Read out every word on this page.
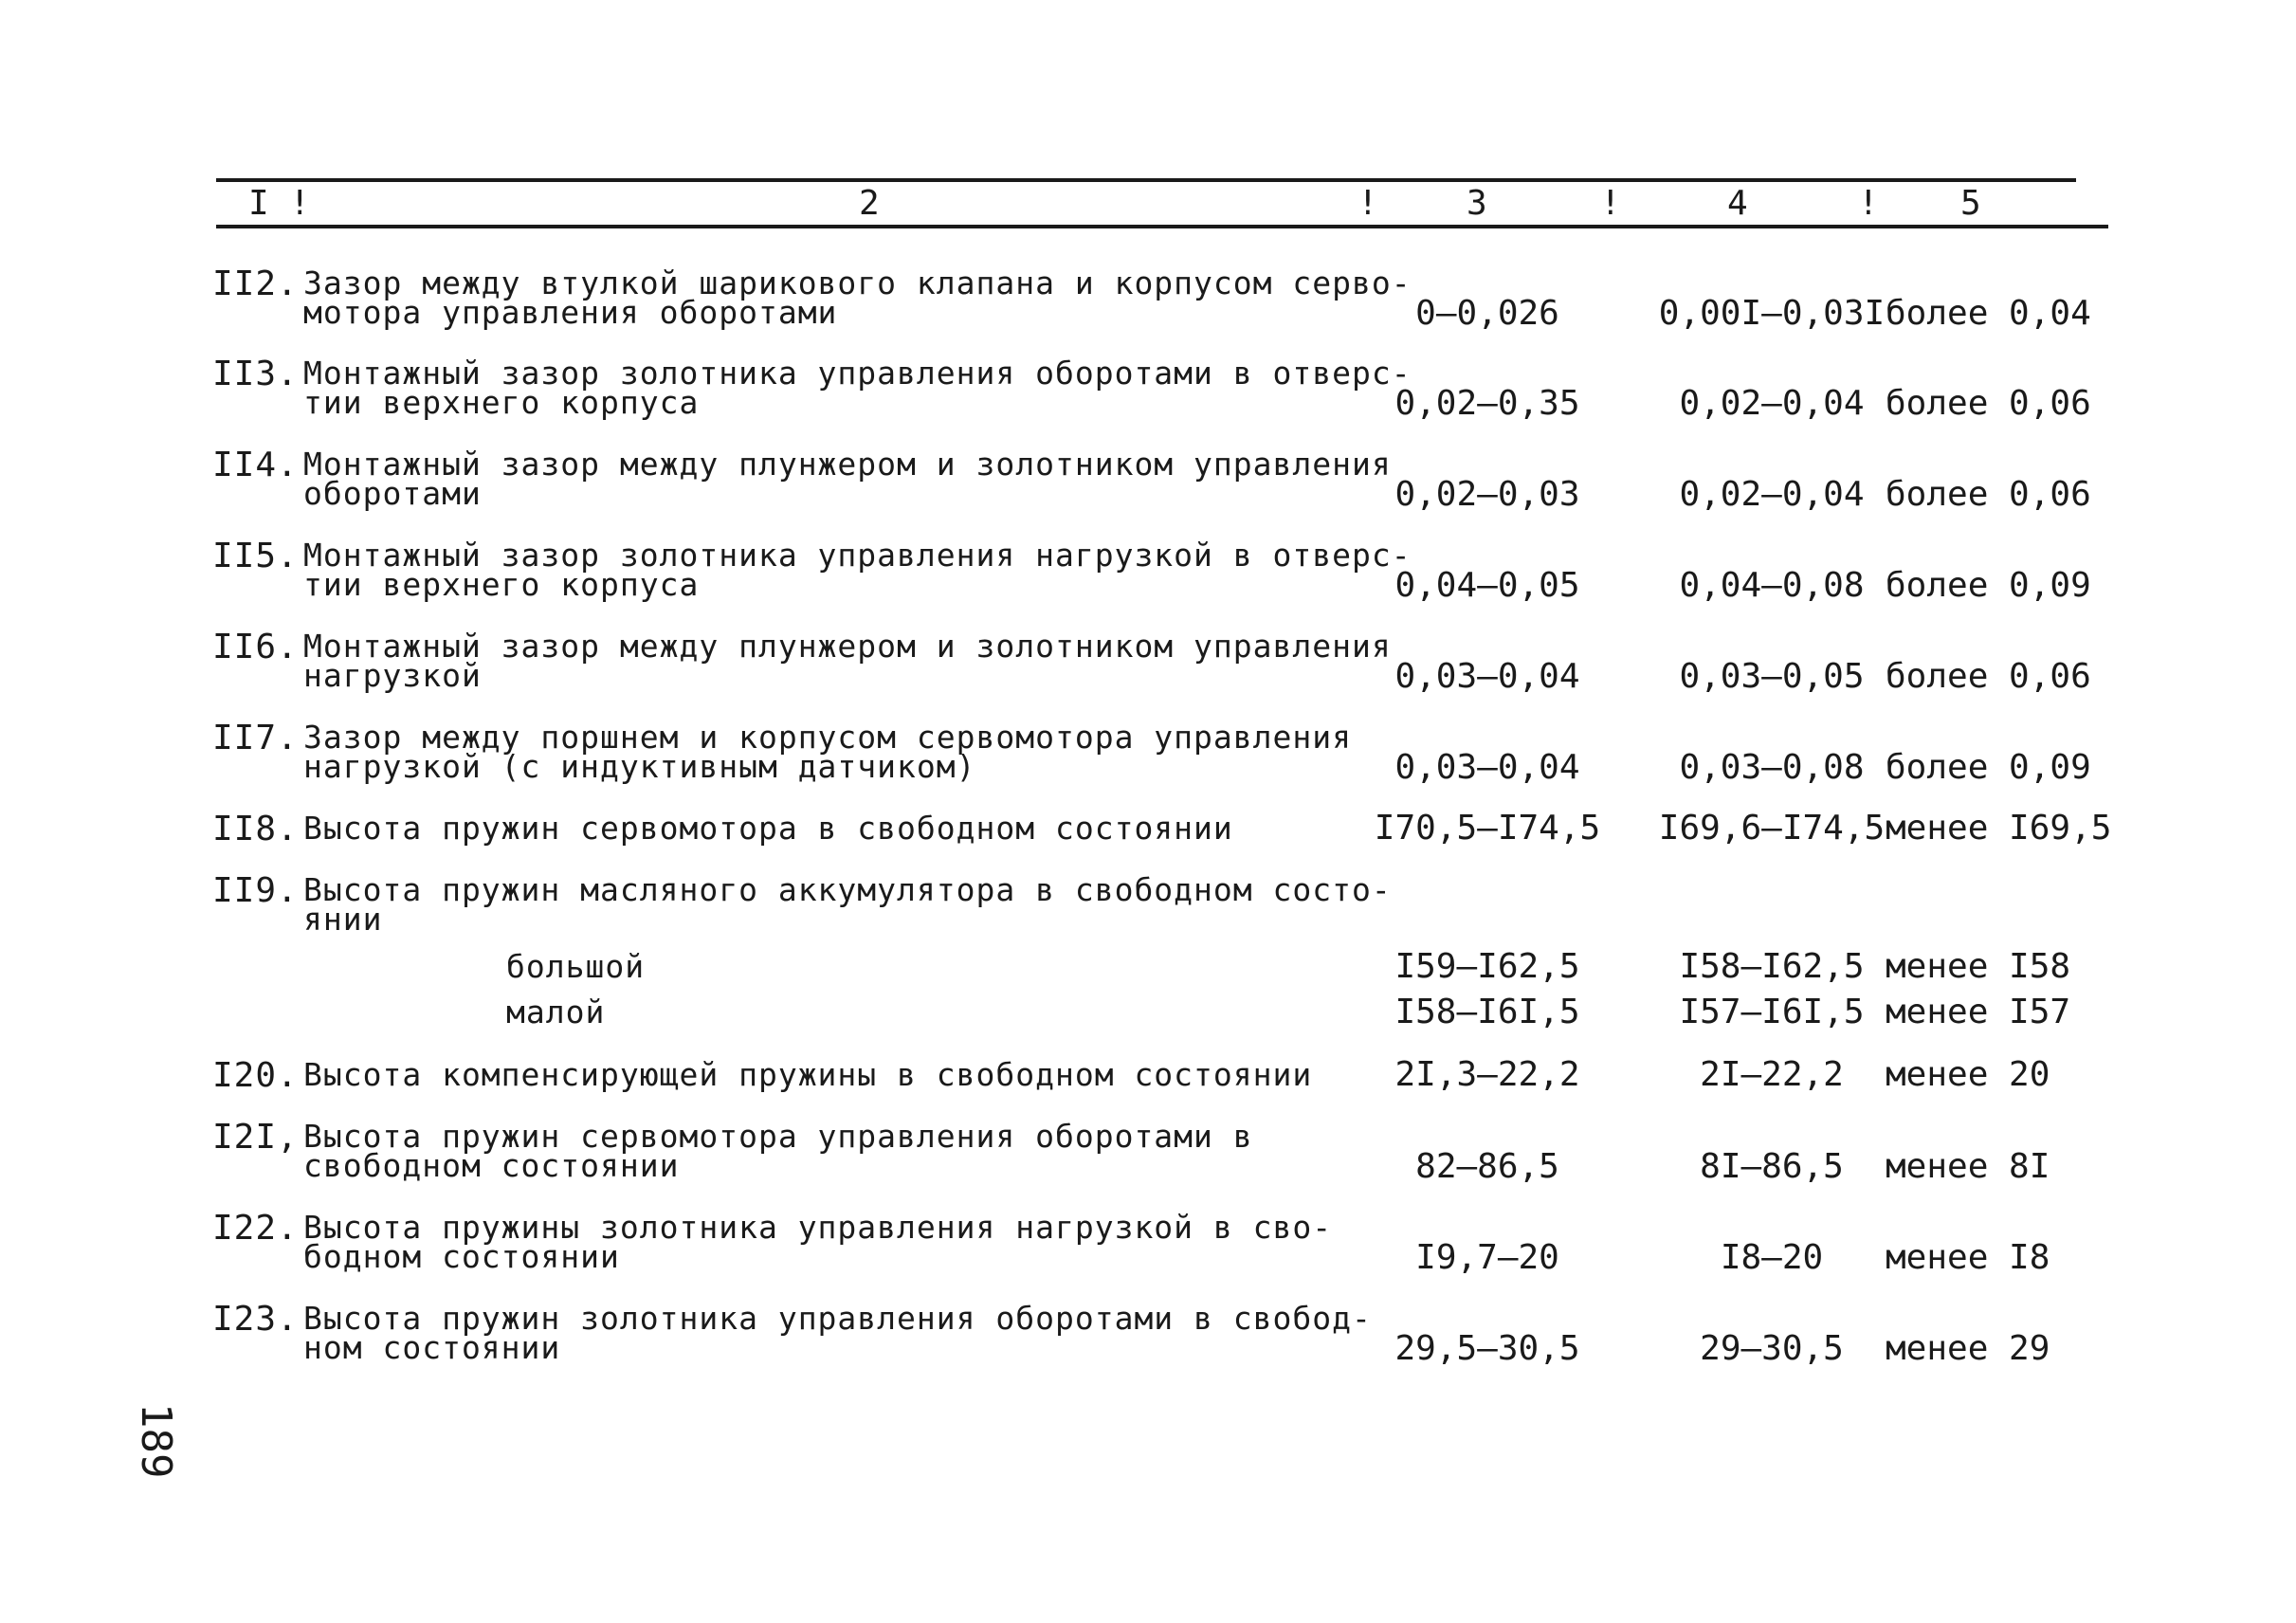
I !	2	!	3	!	4	! 5
II2. Зазор между втулкой шарикового клапана и корпусом серво-
мотора управления оборотами	0–0,026	0,00I–0,03I более 0,04
II3. Монтажный зазор золотника управления оборотами в отверс-
тии верхнего корпуса	0,02–0,35	0,02–0,04 более 0,06
II4. Монтажный зазор между плунжером и золотником управления
оборотами	0,02–0,03	0,02–0,04 более 0,06
II5. Монтажный зазор золотника управления нагрузкой в отверс-
тии верхнего корпуса	0,04–0,05	0,04–0,08 более 0,09
II6. Монтажный зазор между плунжером и золотником управления
нагрузкой	0,03–0,04	0,03–0,05 более 0,06
II7. Зазор между поршнем и корпусом сервомотора управления
нагрузкой (с индуктивным датчиком)	0,03–0,04	0,03–0,08 более 0,09
II8. Высота пружин сервомотора в свободном состоянии	I70,5–I74,5	I69,6–I74,5 менее I69,5
II9. Высота пружин масляного аккумулятора в свободном состо-
янии
большой	I59–I62,5	I58–I62,5 менее I58
малой	I58–I6I,5	I57–I6I,5 менее I57
I20. Высота компенсирующей пружины в свободном состоянии	2I,3–22,2	2I–22,2	менее 20
I2I, Высота пружин сервомотора управления оборотами в
свободном состоянии	82–86,5	8I–86,5	менее 8I
I22. Высота пружины золотника управления нагрузкой в сво-
бодном состоянии	I9,7–20	I8–20	менее I8
I23. Высота пружин золотника управления оборотами в свобод-
ном состоянии	29,5–30,5	29–30,5	менее 29
189
